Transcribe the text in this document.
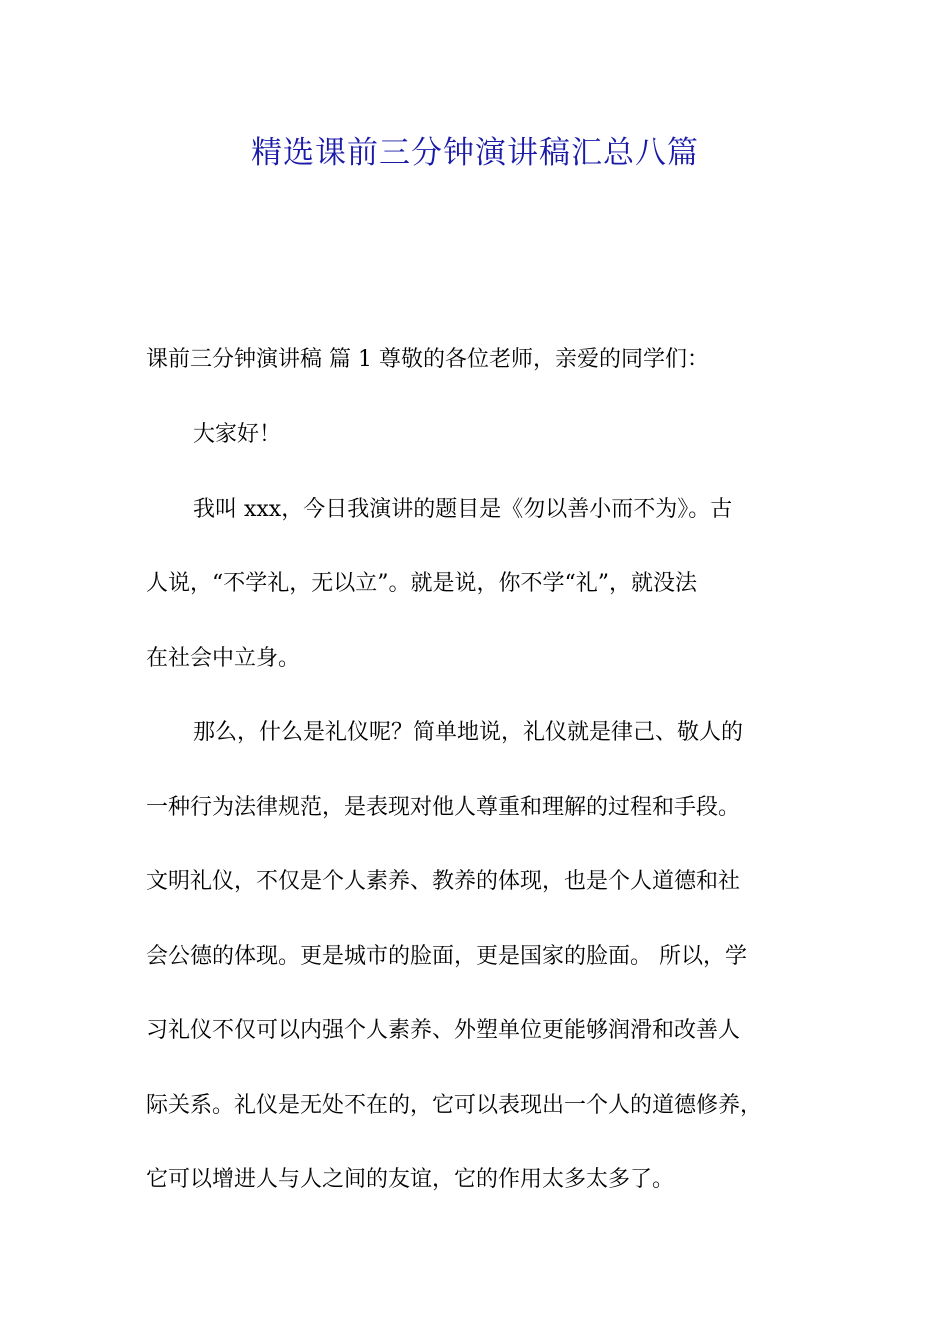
精选课前三分钟演讲稿汇总八篇
课前三分钟演讲稿 篇 1 尊敬的各位老师，亲爱的同学们：
大家好！
我叫 xxx，今日我演讲的题目是《勿以善小而不为》。古
人说，“不学礼，无以立”。就是说，你不学“礼”，就没法
在社会中立身。
那么，什么是礼仪呢？简单地说，礼仪就是律己、敬人的
一种行为法律规范，是表现对他人尊重和理解的过程和手段。
文明礼仪，不仅是个人素养、教养的体现，也是个人道德和社
会公德的体现。更是城市的脸面，更是国家的脸面。 所以，学
习礼仪不仅可以内强个人素养、外塑单位更能够润滑和改善人
际关系。礼仪是无处不在的，它可以表现出一个人的道德修养，
它可以增进人与人之间的友谊，它的作用太多太多了。
